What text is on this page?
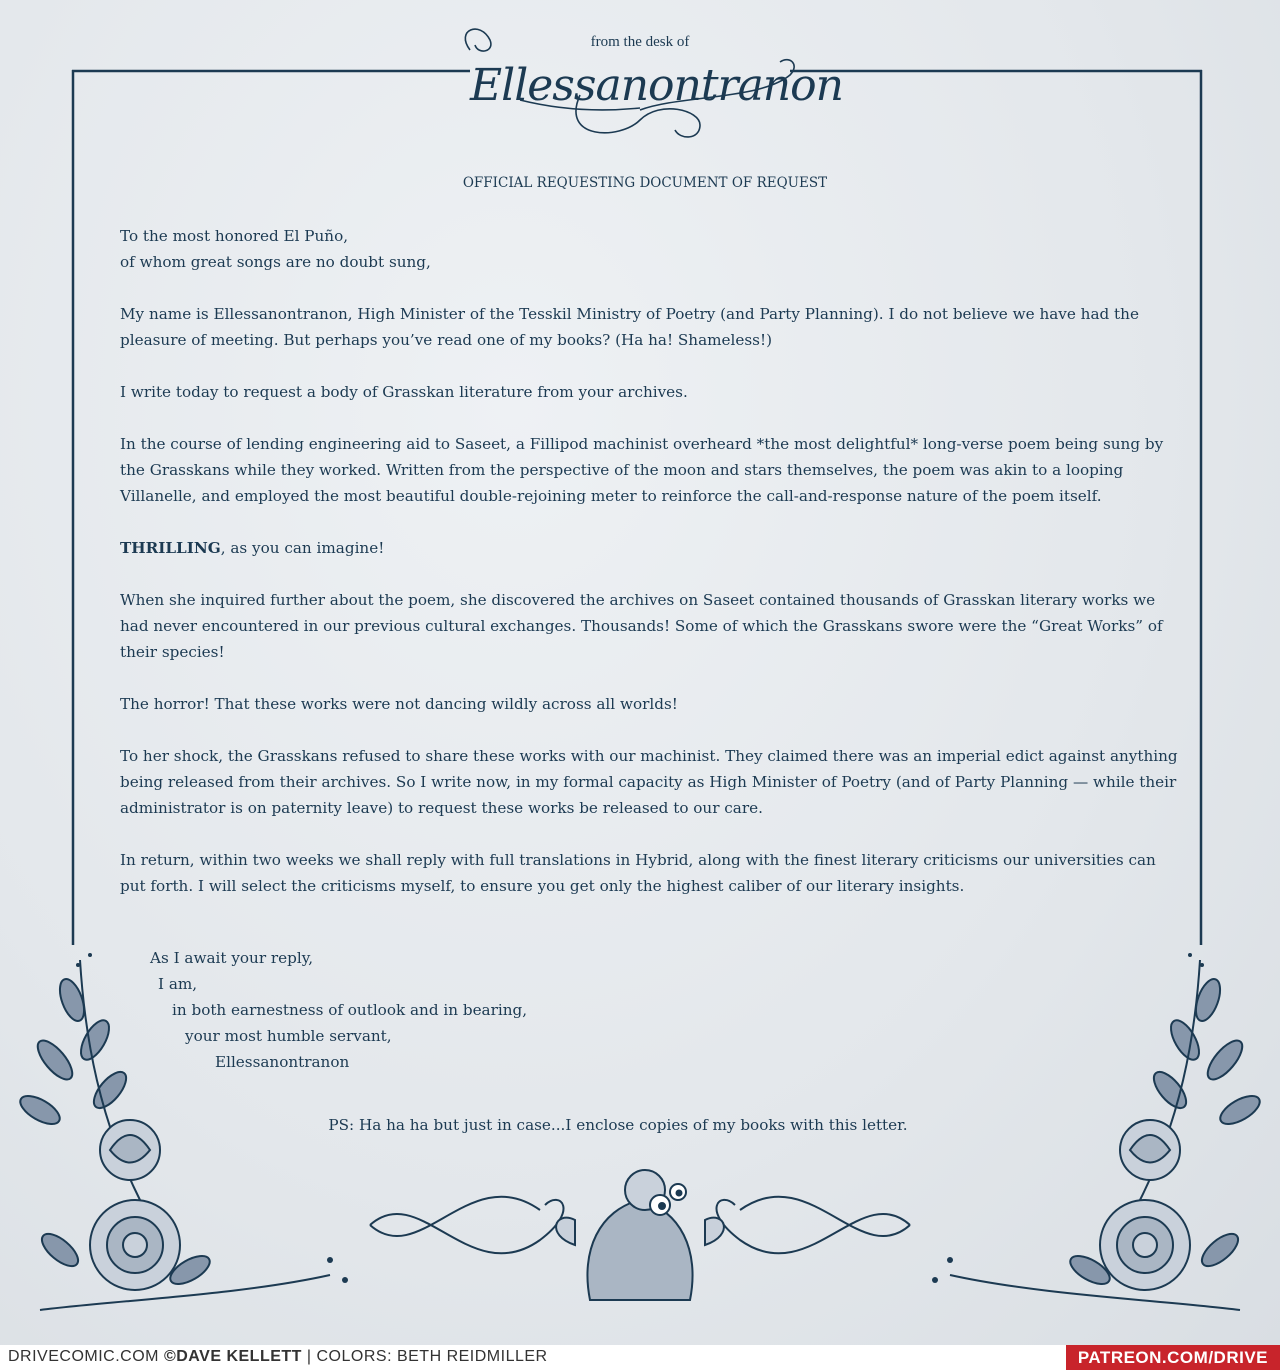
from the desk of
Ellessanontranon
OFFICIAL REQUESTING DOCUMENT OF REQUEST

To the most honored El Puño,
of whom great songs are no doubt sung,

My name is Ellessanontranon, High Minister of the Tesskil Ministry of Poetry (and Party Planning). I do not believe we have had the pleasure of meeting. But perhaps you’ve read one of my books? (Ha ha! Shameless!)

I write today to request a body of Grasskan literature from your archives.

In the course of lending engineering aid to Saseet, a Fillipod machinist overheard *the most delightful* long-verse poem being sung by the Grasskans while they worked. Written from the perspective of the moon and stars themselves, the poem was akin to a looping Villanelle, and employed the most beautiful double-rejoining meter to reinforce the call-and-response nature of the poem itself.

THRILLING, as you can imagine!

When she inquired further about the poem, she discovered the archives on Saseet contained thousands of Grasskan literary works we had never encountered in our previous cultural exchanges. Thousands! Some of which the Grasskans swore were the “Great Works” of their species!

The horror! That these works were not dancing wildly across all worlds!

To her shock, the Grasskans refused to share these works with our machinist. They claimed there was an imperial edict against anything being released from their archives. So I write now, in my formal capacity as High Minister of Poetry (and of Party Planning — while their administrator is on paternity leave) to request these works be released to our care.

In return, within two weeks we shall reply with full translations in Hybrid, along with the finest literary criticisms our universities can put forth. I will select the criticisms myself, to ensure you get only the highest caliber of our literary insights.

As I await your reply,
I am,
in both earnestness of outlook and in bearing,
your most humble servant,
Ellessanontranon
PS: Ha ha ha but just in case...I enclose copies of my books with this letter.
DRIVECOMIC.COM ©DAVE KELLETT | COLORS: BETH REIDMILLER	PATREON.COM/DRIVE
